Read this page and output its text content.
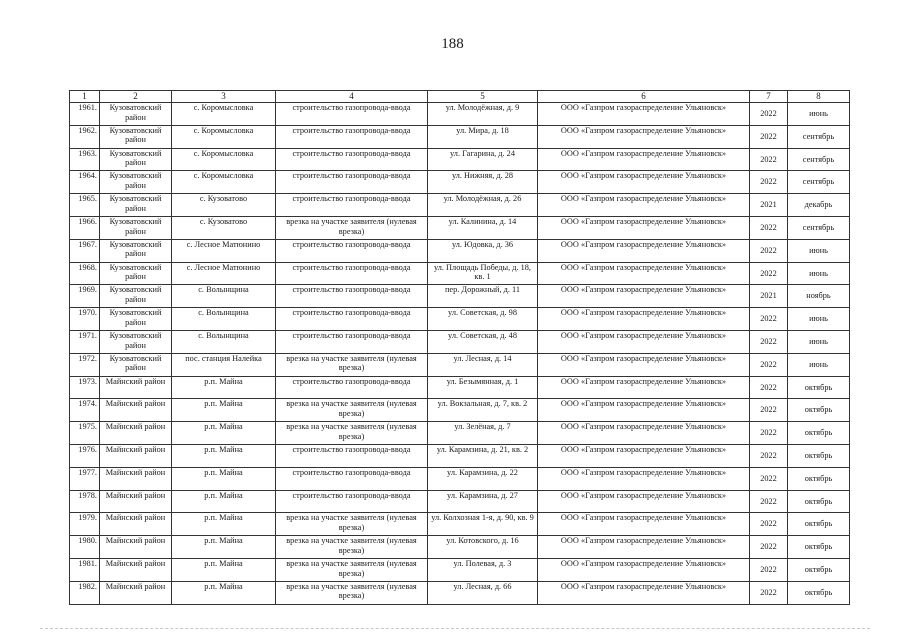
188
1	2	3	4	5	6	7	8
1961.	Кузоватовский район	с. Коромысловка	строительство газопровода-ввода	ул. Молодёжная, д. 9	ООО «Газпром газораспределение Ульяновск»	2022	июнь
1962.	Кузоватовский район	с. Коромысловка	строительство газопровода-ввода	ул. Мира, д. 18	ООО «Газпром газораспределение Ульяновск»	2022	сентябрь
1963.	Кузоватовский район	с. Коромысловка	строительство газопровода-ввода	ул. Гагарина, д. 24	ООО «Газпром газораспределение Ульяновск»	2022	сентябрь
1964.	Кузоватовский район	с. Коромысловка	строительство газопровода-ввода	ул. Нижняя, д. 28	ООО «Газпром газораспределение Ульяновск»	2022	сентябрь
1965.	Кузоватовский район	с. Кузоватово	строительство газопровода-ввода	ул. Молодёжная, д. 26	ООО «Газпром газораспределение Ульяновск»	2021	декабрь
1966.	Кузоватовский район	с. Кузоватово	врезка на участке заявителя (нулевая врезка)	ул. Калинина, д. 14	ООО «Газпром газораспределение Ульяновск»	2022	сентябрь
1967.	Кузоватовский район	с. Лесное Матюнино	строительство газопровода-ввода	ул. Юдовка, д. 36	ООО «Газпром газораспределение Ульяновск»	2022	июнь
1968.	Кузоватовский район	с. Лесное Матюнино	строительство газопровода-ввода	ул. Площадь Победы, д. 18, кв. 1	ООО «Газпром газораспределение Ульяновск»	2022	июнь
1969.	Кузоватовский район	с. Волынщина	строительство газопровода-ввода	пер. Дорожный, д. 11	ООО «Газпром газораспределение Ульяновск»	2021	ноябрь
1970.	Кузоватовский район	с. Волынщина	строительство газопровода-ввода	ул. Советская, д. 98	ООО «Газпром газораспределение Ульяновск»	2022	июнь
1971.	Кузоватовский район	с. Волынщина	строительство газопровода-ввода	ул. Советская, д. 48	ООО «Газпром газораспределение Ульяновск»	2022	июнь
1972.	Кузоватовский район	пос. станция Налейка	врезка на участке заявителя (нулевая врезка)	ул. Лесная, д. 14	ООО «Газпром газораспределение Ульяновск»	2022	июнь
1973.	Майнский район	р.п. Майна	строительство газопровода-ввода	ул. Безымянная, д. 1	ООО «Газпром газораспределение Ульяновск»	2022	октябрь
1974.	Майнский район	р.п. Майна	врезка на участке заявителя (нулевая врезка)	ул. Вокзальная, д. 7, кв. 2	ООО «Газпром газораспределение Ульяновск»	2022	октябрь
1975.	Майнский район	р.п. Майна	врезка на участке заявителя (нулевая врезка)	ул. Зелёная, д. 7	ООО «Газпром газораспределение Ульяновск»	2022	октябрь
1976.	Майнский район	р.п. Майна	строительство газопровода-ввода	ул. Карамзина, д. 21, кв. 2	ООО «Газпром газораспределение Ульяновск»	2022	октябрь
1977.	Майнский район	р.п. Майна	строительство газопровода-ввода	ул. Карамзина, д. 22	ООО «Газпром газораспределение Ульяновск»	2022	октябрь
1978.	Майнский район	р.п. Майна	строительство газопровода-ввода	ул. Карамзина, д. 27	ООО «Газпром газораспределение Ульяновск»	2022	октябрь
1979.	Майнский район	р.п. Майна	врезка на участке заявителя (нулевая врезка)	ул. Колхозная 1-я, д. 90, кв. 9	ООО «Газпром газораспределение Ульяновск»	2022	октябрь
1980.	Майнский район	р.п. Майна	врезка на участке заявителя (нулевая врезка)	ул. Котовского, д. 16	ООО «Газпром газораспределение Ульяновск»	2022	октябрь
1981.	Майнский район	р.п. Майна	врезка на участке заявителя (нулевая врезка)	ул. Полевая, д. 3	ООО «Газпром газораспределение Ульяновск»	2022	октябрь
1982.	Майнский район	р.п. Майна	врезка на участке заявителя (нулевая врезка)	ул. Лесная, д. 66	ООО «Газпром газораспределение Ульяновск»	2022	октябрь
